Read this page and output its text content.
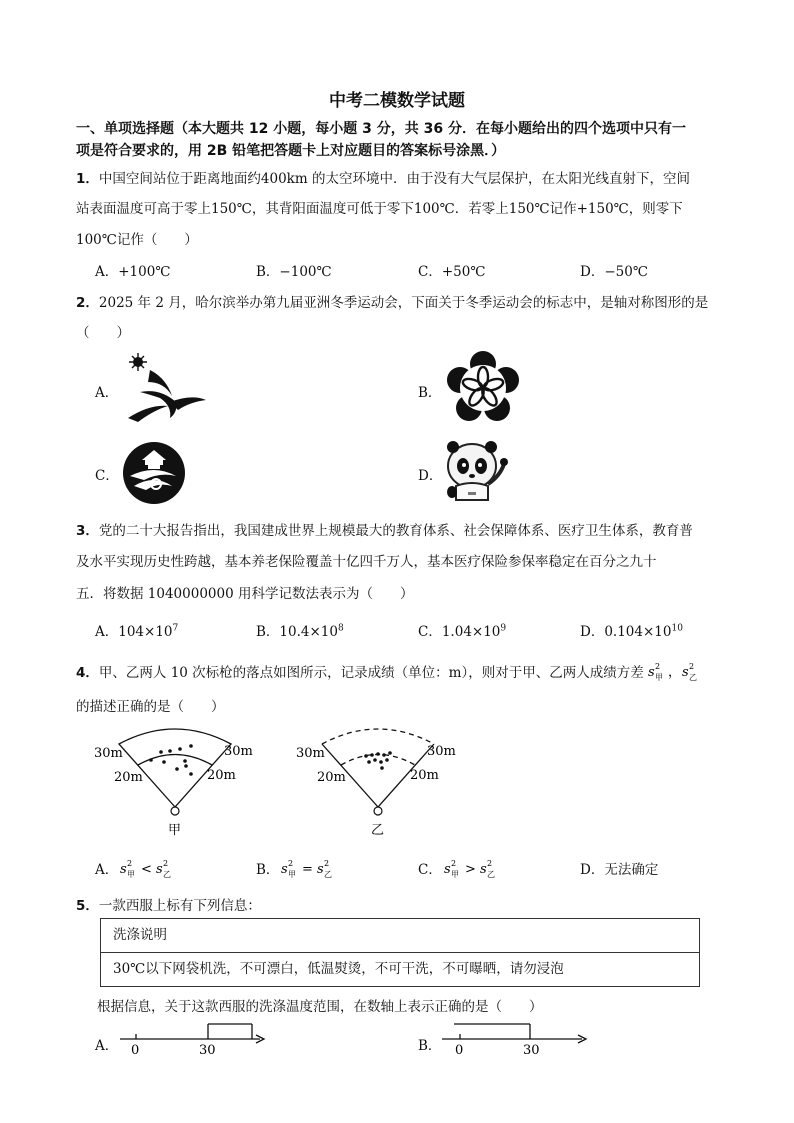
中考二模数学试题
一、单项选择题（本大题共 12 小题，每小题 3 分，共 36 分．在每小题给出的四个选项中只有一
项是符合要求的，用 2B 铅笔把答题卡上对应题目的答案标号涂黑．）
1．中国空间站位于距离地面约400km 的太空环境中．由于没有大气层保护，在太阳光线直射下，空间
站表面温度可高于零上150℃，其背阳面温度可低于零下100℃．若零上150℃记作+150℃，则零下
100℃记作（　　）
A．+100℃	B．−100℃	C．+50℃	D．−50℃
2．2025 年 2 月，哈尔滨举办第九届亚洲冬季运动会，下面关于冬季运动会的标志中，是轴对称图形的是
（　　）
A．	B．
C．	D．
3．党的二十大报告指出，我国建成世界上规模最大的教育体系、社会保障体系、医疗卫生体系，教育普
及水平实现历史性跨越，基本养老保险覆盖十亿四千万人，基本医疗保险参保率稳定在百分之九十
五．将数据 1040000000 用科学记数法表示为（　　）
A．$104\times 10^7$	B．$10.4\times 10^8$	C．$1.04\times 10^9$	D．$0.104\times 10^{10}$
4．甲、乙两人 10 次标枪的落点如图所示，记录成绩（单位：m），则对于甲、乙两人成绩方差 s 2
甲 ， s 2
乙
的描述正确的是（　　）
30m	30m
20m	20m
甲
30m	30m
20m	20m
乙
A． s 2
甲 < s 2
乙	B． s 2
甲 = s 2
乙	C． s 2
甲 > s 2
乙	D．无法确定
5．一款西服上标有下列信息：
洗涤说明
30℃以下网袋机洗，不可漂白，低温熨烫，不可干洗，不可曝晒，请勿浸泡
根据信息，关于这款西服的洗涤温度范围，在数轴上表示正确的是（　　）
A． 0	30	B． 0	30
